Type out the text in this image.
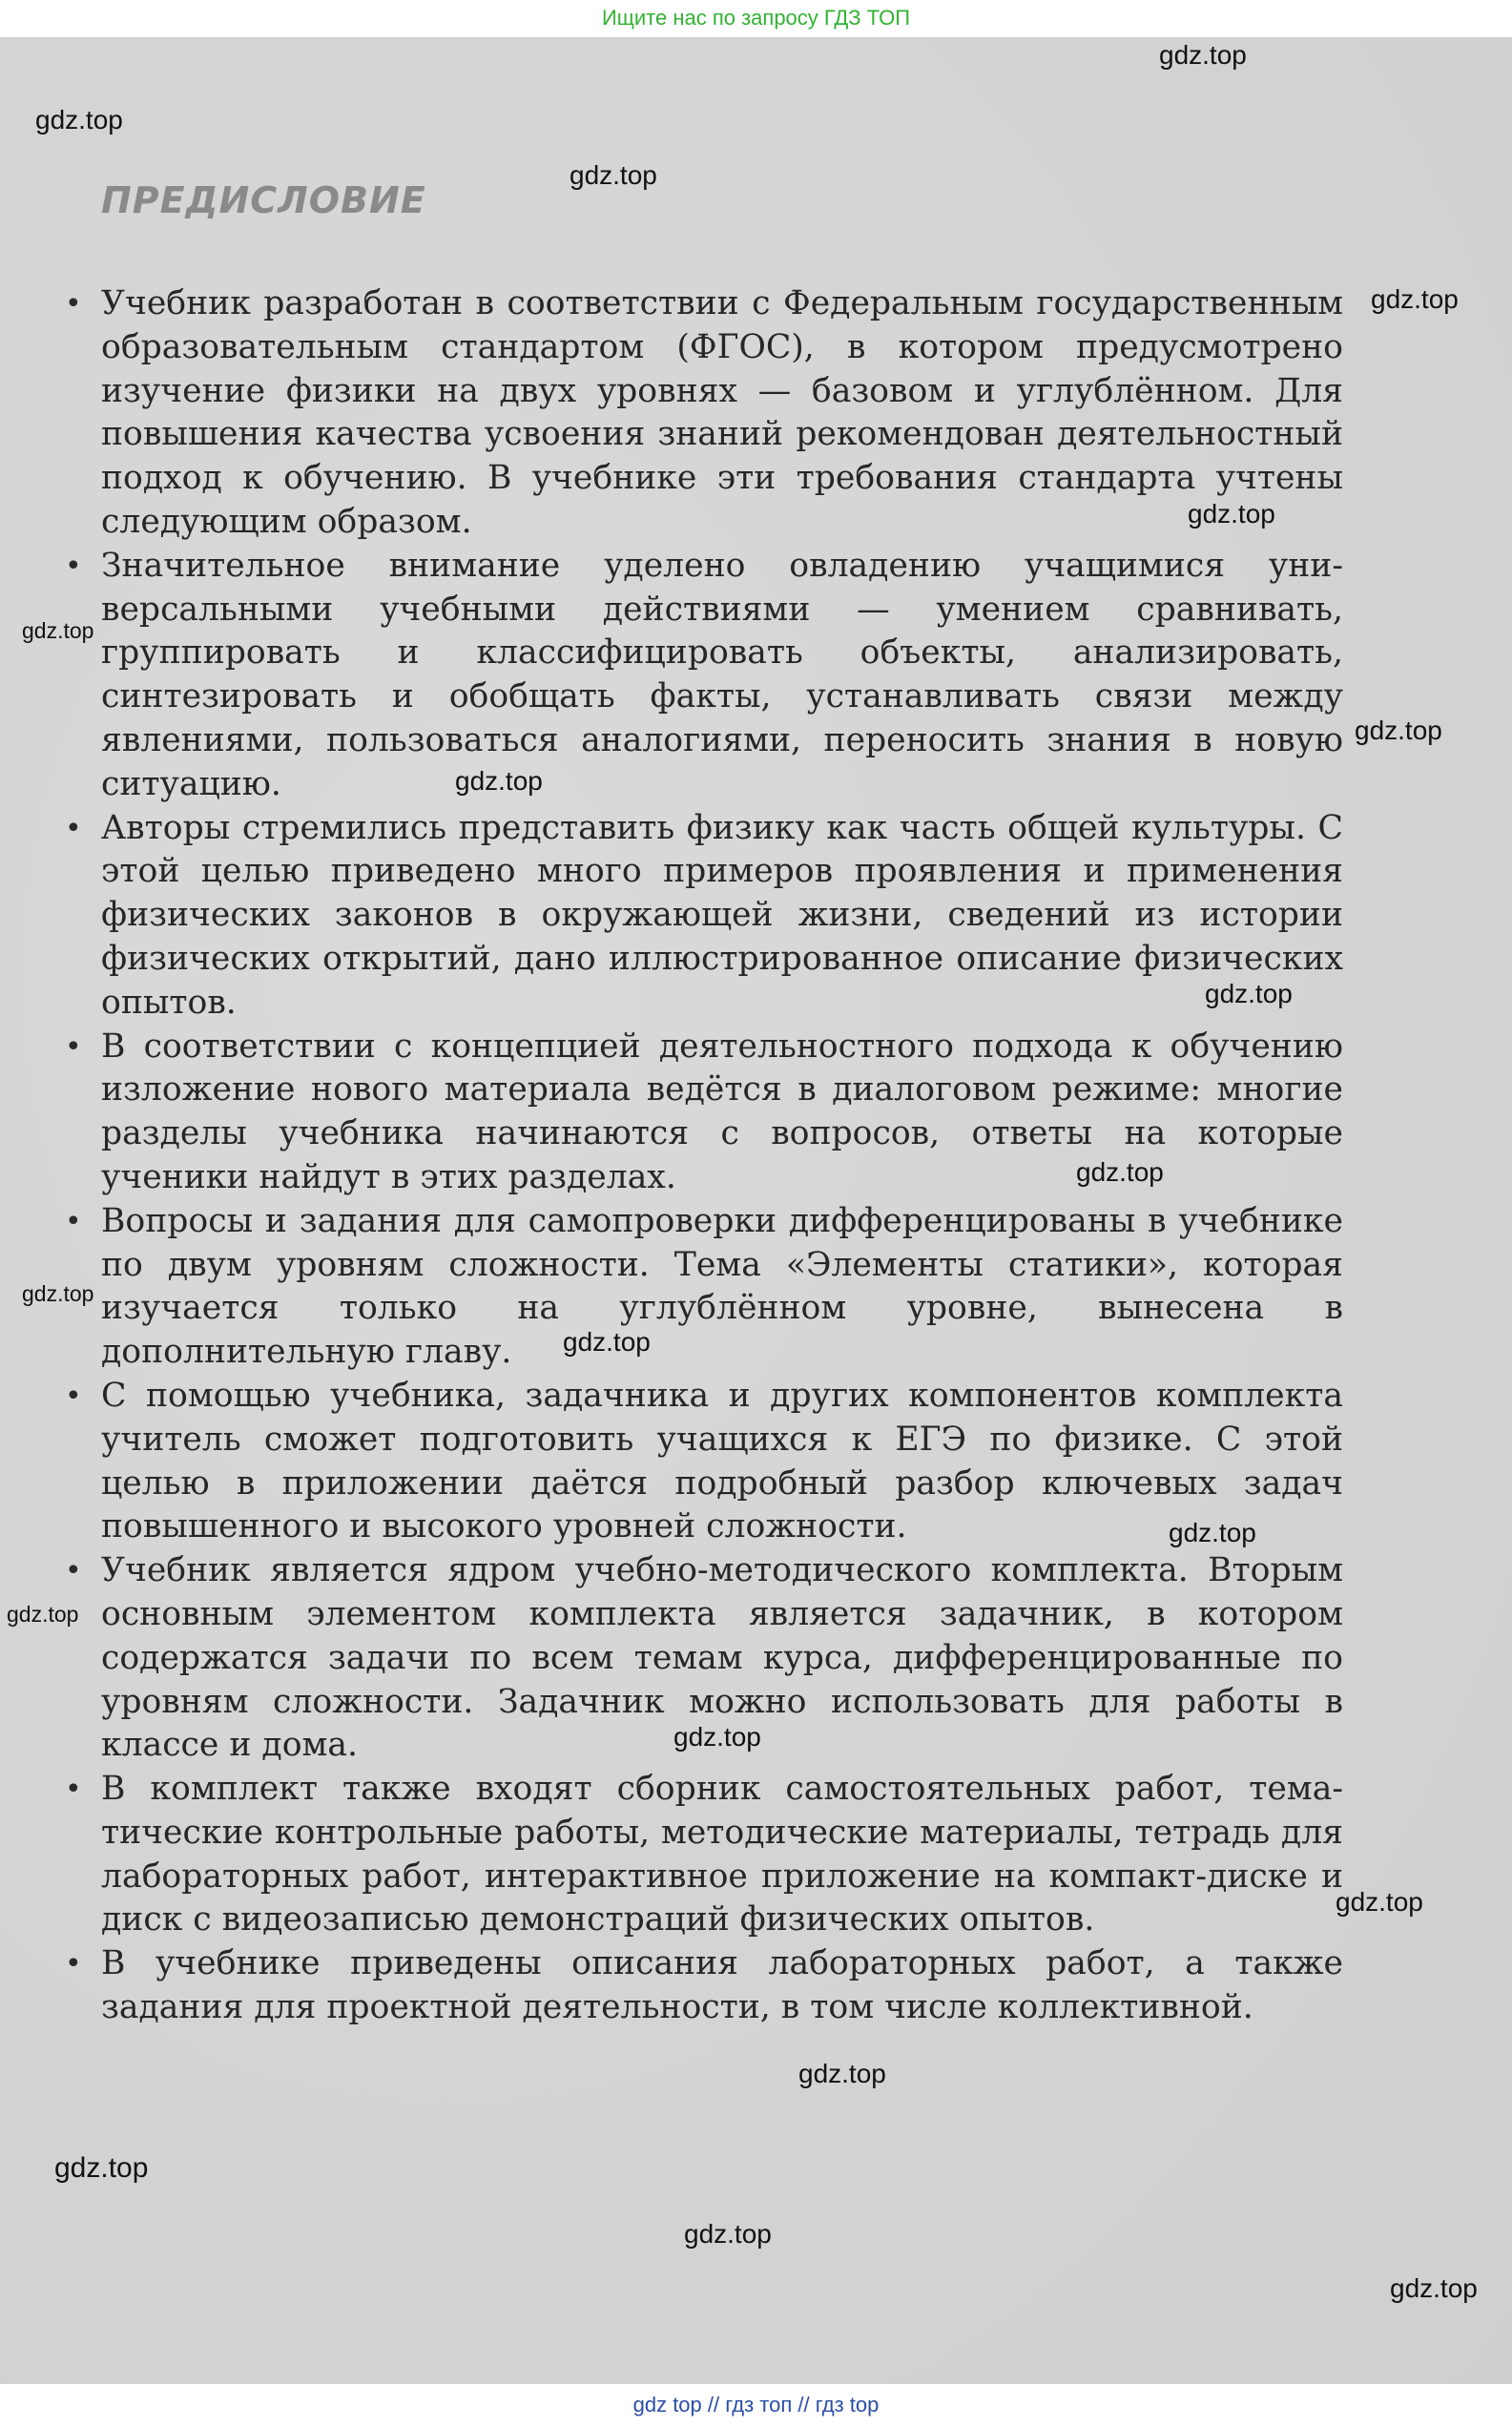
Ищите нас по запросу ГДЗ ТОП
ПРЕДИСЛОВИЕ

• Учебник разработан в соответствии с Федеральным государственным образовательным стандартом (ФГОС), в котором предусмотрено изучение физики на двух уровнях — базовом и углублённом. Для повышения качества усвоения знаний рекомендован деятельностный подход к обучению. В учебнике эти требования стандарта учтены следующим образом.

• Значительное внимание уделено овладению учащимися универсальными учебными действиями — умением сравнивать, группировать и классифицировать объекты, анализировать, синтезировать и обобщать факты, устанавливать связи между явлениями, пользоваться аналогиями, переносить знания в новую ситуацию.

• Авторы стремились представить физику как часть общей культуры. С этой целью приведено много примеров проявления и применения физических законов в окружающей жизни, сведений из истории физических открытий, дано иллюстрированное описание физических опытов.

• В соответствии с концепцией деятельностного подхода к обучению изложение нового материала ведётся в диалоговом режиме: многие разделы учебника начинаются с вопросов, ответы на которые ученики найдут в этих разделах.

• Вопросы и задания для самопроверки дифференцированы в учебнике по двум уровням сложности. Тема «Элементы статики», которая изучается только на углублённом уровне, вынесена в дополнительную главу.

• С помощью учебника, задачника и других компонентов комплекта учитель сможет подготовить учащихся к ЕГЭ по физике. С этой целью в приложении даётся подробный разбор ключевых задач повышенного и высокого уровней сложности.

• Учебник является ядром учебно-методического комплекта. Вторым основным элементом комплекта является задачник, в котором содержатся задачи по всем темам курса, дифференцированные по уровням сложности. Задачник можно использовать для работы в классе и дома.

• В комплект также входят сборник самостоятельных работ, тематические контрольные работы, методические материалы, тетрадь для лабораторных работ, интерактивное приложение на компакт-диске и диск с видеозаписью демонстраций физических опытов.

• В учебнике приведены описания лабораторных работ, а также задания для проектной деятельности, в том числе коллективной.

gdz.top
gdz.top
gdz.top
gdz.top
gdz.top
gdz.top
gdz.top
gdz.top
gdz.top
gdz.top
gdz.top
gdz.top
gdz.top
gdz.top
gdz.top
gdz.top
gdz.top
gdz.top
gdz.top
gdz.top
gdz top // гдз топ // гдз top
